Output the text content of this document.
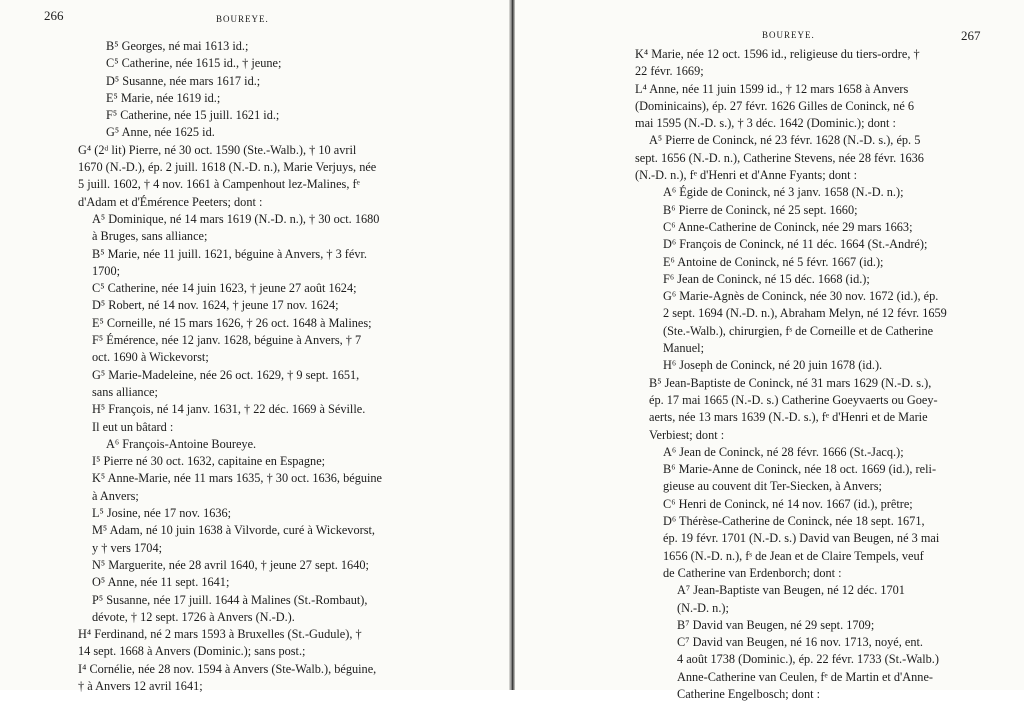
266	BOUREYE.
B⁵ Georges, né mai 1613 id.;
C⁵ Catherine, née 1615 id., † jeune;
D⁵ Susanne, née mars 1617 id.;
E⁵ Marie, née 1619 id.;
F⁵ Catherine, née 15 juill. 1621 id.;
G⁵ Anne, née 1625 id.
G⁴ (2ᵈ lit) Pierre, né 30 oct. 1590 (Ste.-Walb.), † 10 avril
1670 (N.-D.), ép. 2 juill. 1618 (N.-D. n.), Marie Verjuys, née
5 juill. 1602, † 4 nov. 1661 à Campenhout lez-Malines, fᵉ
d'Adam et d'Émérence Peeters; dont :
A⁵ Dominique, né 14 mars 1619 (N.-D. n.), † 30 oct. 1680
à Bruges, sans alliance;
B⁵ Marie, née 11 juill. 1621, béguine à Anvers, † 3 févr.
1700;
C⁵ Catherine, née 14 juin 1623, † jeune 27 août 1624;
D⁵ Robert, né 14 nov. 1624, † jeune 17 nov. 1624;
E⁵ Corneille, né 15 mars 1626, † 26 oct. 1648 à Malines;
F⁵ Émérence, née 12 janv. 1628, béguine à Anvers, † 7
oct. 1690 à Wickevorst;
G⁵ Marie-Madeleine, née 26 oct. 1629, † 9 sept. 1651,
sans alliance;
H⁵ François, né 14 janv. 1631, † 22 déc. 1669 à Séville.
Il eut un bâtard :
A⁶ François-Antoine Boureye.
I⁵ Pierre né 30 oct. 1632, capitaine en Espagne;
K⁵ Anne-Marie, née 11 mars 1635, † 30 oct. 1636, béguine
à Anvers;
L⁵ Josine, née 17 nov. 1636;
M⁵ Adam, né 10 juin 1638 à Vilvorde, curé à Wickevorst,
y † vers 1704;
N⁵ Marguerite, née 28 avril 1640, † jeune 27 sept. 1640;
O⁵ Anne, née 11 sept. 1641;
P⁵ Susanne, née 17 juill. 1644 à Malines (St.-Rombaut),
dévote, † 12 sept. 1726 à Anvers (N.-D.).
H⁴ Ferdinand, né 2 mars 1593 à Bruxelles (St.-Gudule), †
14 sept. 1668 à Anvers (Dominic.); sans post.;
I⁴ Cornélie, née 28 nov. 1594 à Anvers (Ste-Walb.), béguine,
† à Anvers 12 avril 1641;
BOUREYE.	267
K⁴ Marie, née 12 oct. 1596 id., religieuse du tiers-ordre, †
22 févr. 1669;
L⁴ Anne, née 11 juin 1599 id., † 12 mars 1658 à Anvers
(Dominicains), ép. 27 févr. 1626 Gilles de Coninck, né 6
mai 1595 (N.-D. s.), † 3 déc. 1642 (Dominic.); dont :
A⁵ Pierre de Coninck, né 23 févr. 1628 (N.-D. s.), ép. 5
sept. 1656 (N.-D. n.), Catherine Stevens, née 28 févr. 1636
(N.-D. n.), fᵉ d'Henri et d'Anne Fyants; dont :
A⁶ Égide de Coninck, né 3 janv. 1658 (N.-D. n.);
B⁶ Pierre de Coninck, né 25 sept. 1660;
C⁶ Anne-Catherine de Coninck, née 29 mars 1663;
D⁶ François de Coninck, né 11 déc. 1664 (St.-André);
E⁶ Antoine de Coninck, né 5 févr. 1667 (id.);
F⁶ Jean de Coninck, né 15 déc. 1668 (id.);
G⁶ Marie-Agnès de Coninck, née 30 nov. 1672 (id.), ép.
2 sept. 1694 (N.-D. n.), Abraham Melyn, né 12 févr. 1659
(Ste.-Walb.), chirurgien, fˢ de Corneille et de Catherine
Manuel;
H⁶ Joseph de Coninck, né 20 juin 1678 (id.).
B⁵ Jean-Baptiste de Coninck, né 31 mars 1629 (N.-D. s.),
ép. 17 mai 1665 (N.-D. s.) Catherine Goeyvaerts ou Goey-
aerts, née 13 mars 1639 (N.-D. s.), fᵉ d'Henri et de Marie
Verbiest; dont :
A⁶ Jean de Coninck, né 28 févr. 1666 (St.-Jacq.);
B⁶ Marie-Anne de Coninck, née 18 oct. 1669 (id.), reli-
gieuse au couvent dit Ter-Siecken, à Anvers;
C⁶ Henri de Coninck, né 14 nov. 1667 (id.), prêtre;
D⁶ Thérèse-Catherine de Coninck, née 18 sept. 1671,
ép. 19 févr. 1701 (N.-D. s.) David van Beugen, né 3 mai
1656 (N.-D. n.), fˢ de Jean et de Claire Tempels, veuf
de Catherine van Erdenborch; dont :
A⁷ Jean-Baptiste van Beugen, né 12 déc. 1701
(N.-D. n.);
B⁷ David van Beugen, né 29 sept. 1709;
C⁷ David van Beugen, né 16 nov. 1713, noyé, ent.
4 août 1738 (Dominic.), ép. 22 févr. 1733 (St.-Walb.)
Anne-Catherine van Ceulen, fᵉ de Martin et d'Anne-
Catherine Engelbosch; dont :
